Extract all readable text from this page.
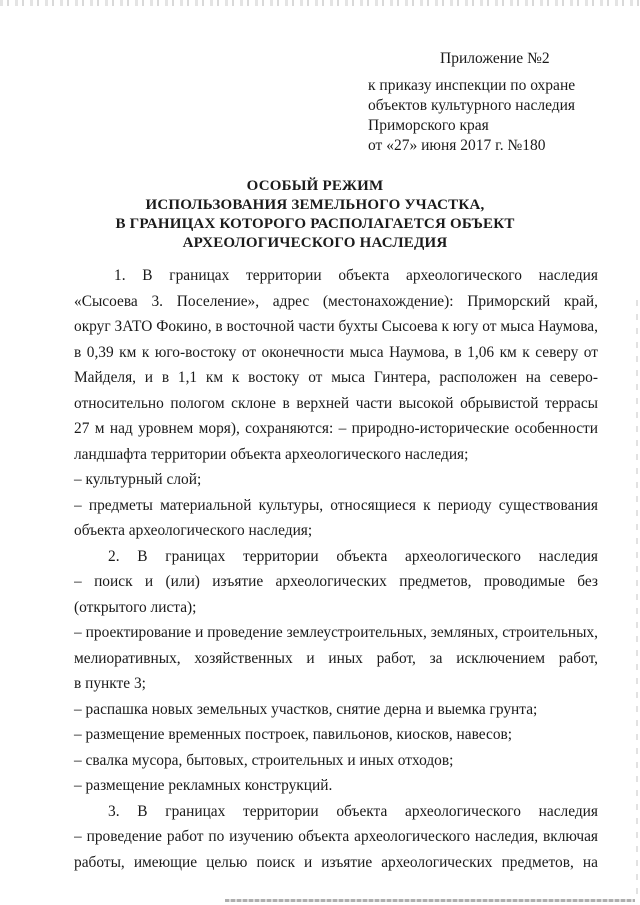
Приложение №2
к приказу инспекции по охране
объектов культурного наследия
Приморского края
от «27» июня 2017 г. №180
ОСОБЫЙ РЕЖИМ
ИСПОЛЬЗОВАНИЯ ЗЕМЕЛЬНОГО УЧАСТКА,
В ГРАНИЦАХ КОТОРОГО РАСПОЛАГАЕТСЯ ОБЪЕКТ
АРХЕОЛОГИЧЕСКОГО НАСЛЕДИЯ
1. В границах территории объекта археологического наследия
«Сысоева 3. Поселение», адрес (местонахождение): Приморский край,
округ ЗАТО Фокино, в восточной части бухты Сысоева к югу от мыса Наумова,
в 0,39 км к юго-востоку от оконечности мыса Наумова, в 1,06 км к северу от
Майделя, и в 1,1 км к востоку от мыса Гинтера, расположен на северо-
относительно пологом склоне в верхней части высокой обрывистой террасы
27 м над уровнем моря), сохраняются: – природно-исторические особенности
ландшафта территории объекта археологического наследия;
– культурный слой;
– предметы материальной культуры, относящиеся к периоду существования
объекта археологического наследия;
2. В границах территории объекта археологического наследия
– поиск и (или) изъятие археологических предметов, проводимые без
(открытого листа);
– проектирование и проведение землеустроительных, земляных, строительных,
мелиоративных, хозяйственных и иных работ, за исключением работ,
в пункте 3;
– распашка новых земельных участков, снятие дерна и выемка грунта;
– размещение временных построек, павильонов, киосков, навесов;
– свалка мусора, бытовых, строительных и иных отходов;
– размещение рекламных конструкций.
3. В границах территории объекта археологического наследия
– проведение работ по изучению объекта археологического наследия, включая
работы, имеющие целью поиск и изъятие археологических предметов, на
